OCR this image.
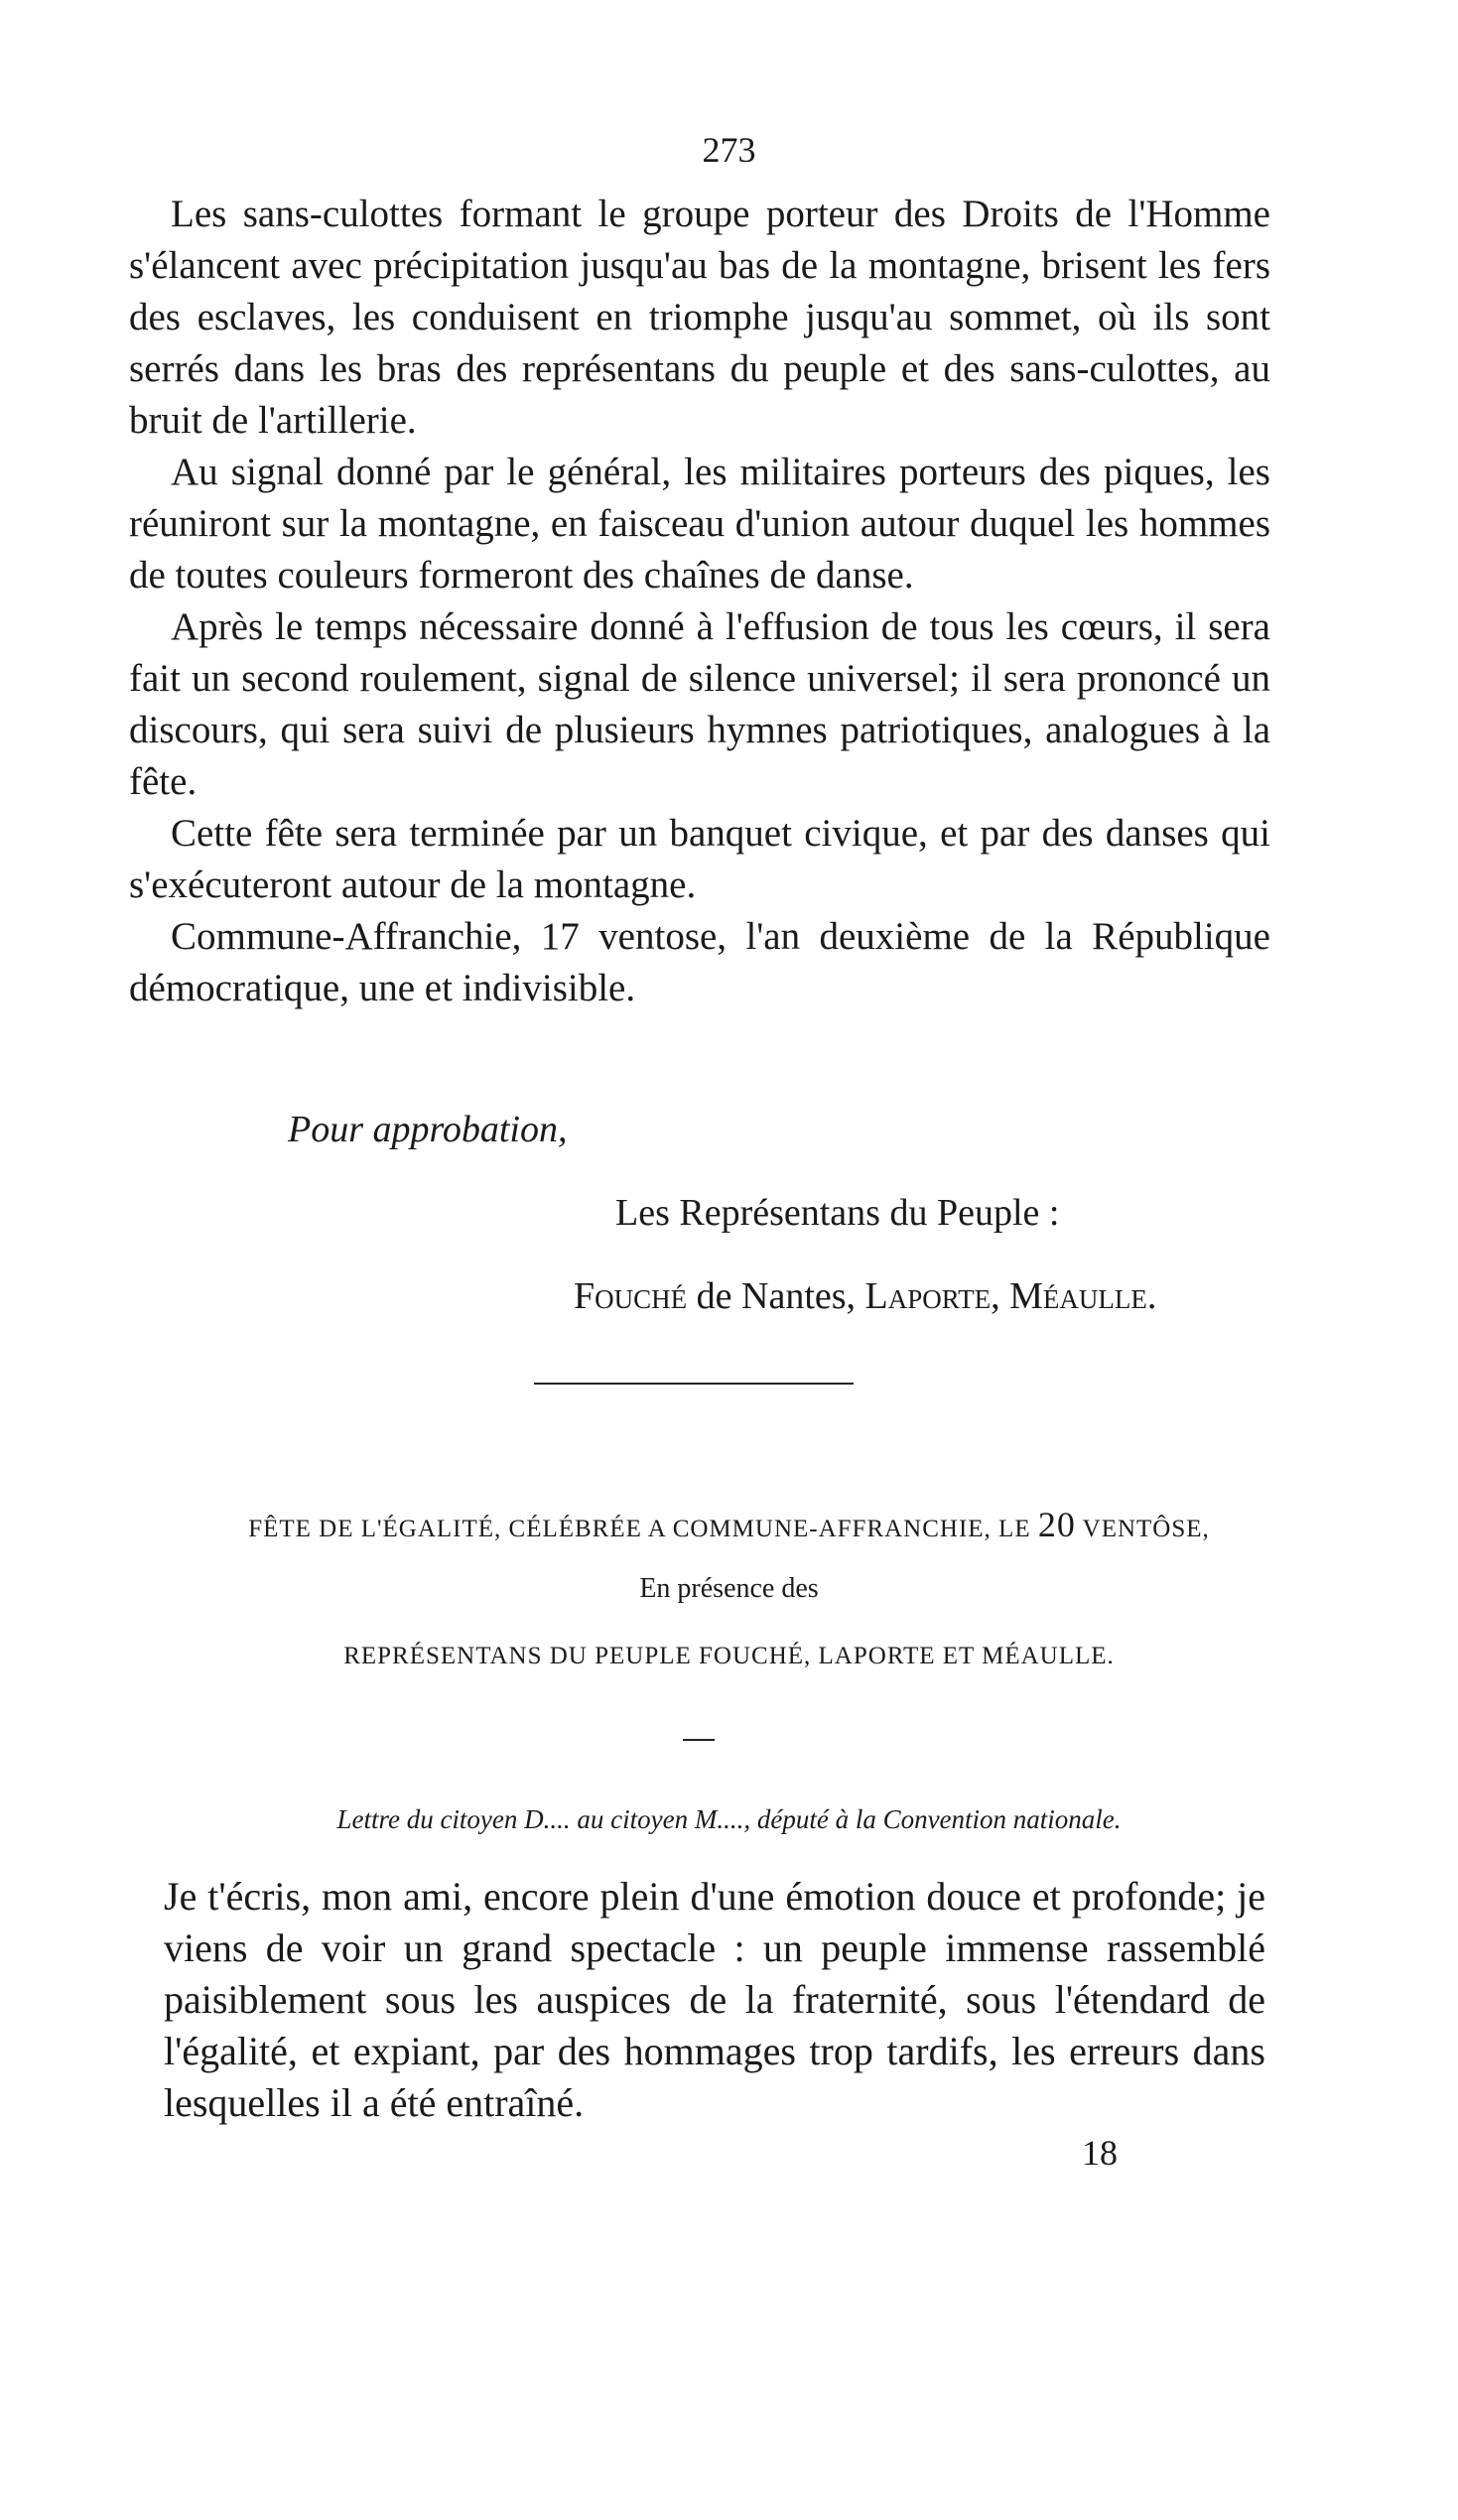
273

Les sans-culottes formant le groupe porteur des Droits de l'Homme s'élancent avec précipitation jusqu'au bas de la montagne, brisent les fers des esclaves, les conduisent en triomphe jusqu'au sommet, où ils sont serrés dans les bras des représentans du peuple et des sans-culottes, au bruit de l'artillerie.

Au signal donné par le général, les militaires porteurs des piques, les réuniront sur la montagne, en faisceau d'union autour duquel les hommes de toutes couleurs formeront des chaînes de danse.

Après le temps nécessaire donné à l'effusion de tous les cœurs, il sera fait un second roulement, signal de silence universel; il sera prononcé un discours, qui sera suivi de plusieurs hymnes patriotiques, analogues à la fête.

Cette fête sera terminée par un banquet civique, et par des danses qui s'exécuteront autour de la montagne.

Commune-Affranchie, 17 ventose, l'an deuxième de la République démocratique, une et indivisible.

Pour approbation,
Les Représentans du Peuple :
Fouché de Nantes, Laporte, Méaulle.
FÊTE DE L'ÉGALITÉ, CÉLÉBRÉE A COMMUNE-AFFRANCHIE, LE 20 VENTÔSE,
En présence des
REPRÉSENTANS DU PEUPLE FOUCHÉ, LAPORTE ET MÉAULLE.
Lettre du citoyen D.... au citoyen M...., député à la Convention nationale.

Je t'écris, mon ami, encore plein d'une émotion douce et profonde; je viens de voir un grand spectacle : un peuple immense rassemblé paisiblement sous les auspices de la fraternité, sous l'étendard de l'égalité, et expiant, par des hommages trop tardifs, les erreurs dans lesquelles il a été entraîné.

18
